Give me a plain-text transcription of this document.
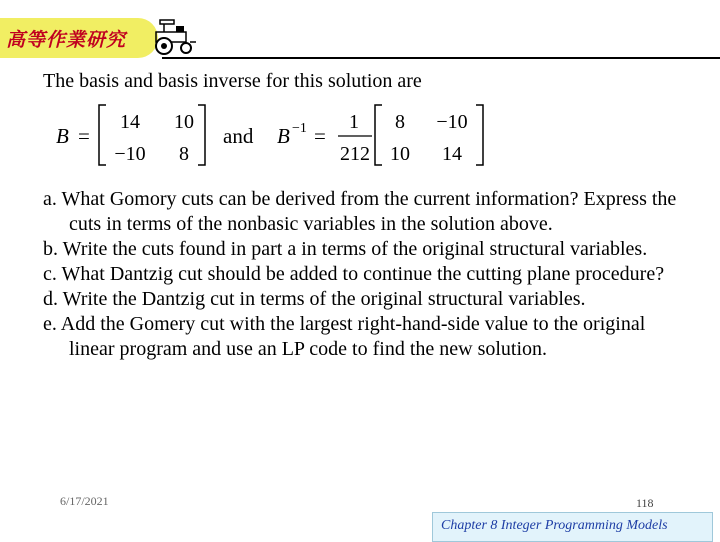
高等作業研究
The basis and basis inverse for this solution are
B =
14 10
−10 8
and B −1 =
1
212
8 −10
10 14
a. What Gomory cuts can be derived from the current information? Express the cuts in terms of the nonbasic variables in the solution above.
b. Write the cuts found in part a in terms of the original structural variables.
c. What Dantzig cut should be added to continue the cutting plane procedure?
d. Write the Dantzig cut in terms of the original structural variables.
e. Add the Gomery cut with the largest right-hand-side value to the original linear program and use an LP code to find the new solution.
6/17/2021	118
Chapter 8 Integer Programming Models
